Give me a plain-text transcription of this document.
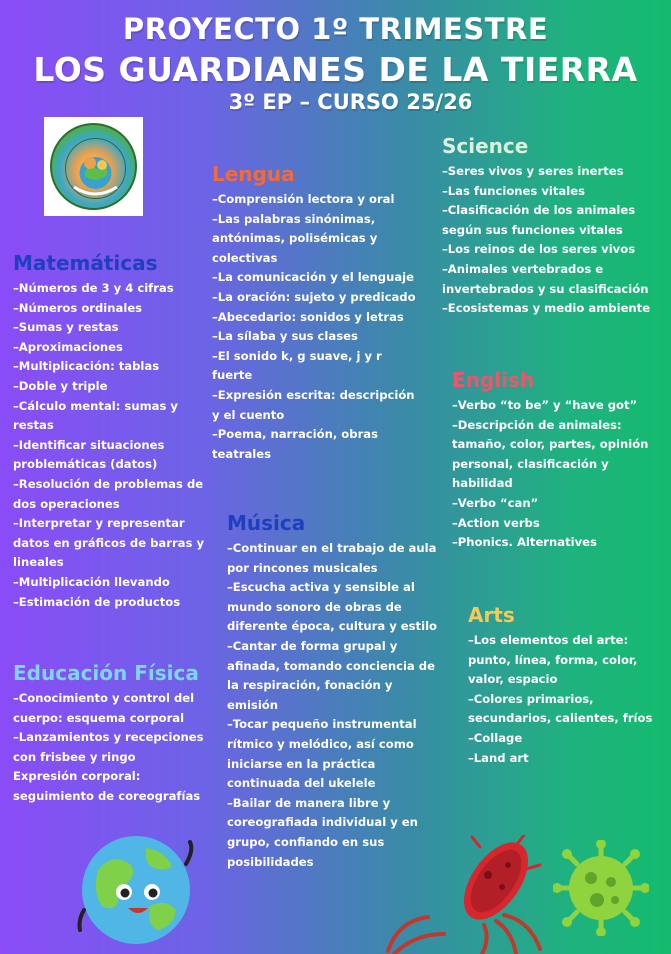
PROYECTO 1º TRIMESTRE
LOS GUARDIANES DE LA TIERRA
3º EP – CURSO 25/26
Matemáticas
–Números de 3 y 4 cifras
–Números ordinales
–Sumas y restas
–Aproximaciones
–Multiplicación: tablas
–Doble y triple
–Cálculo mental: sumas y restas
–Identificar situaciones problemáticas (datos)
–Resolución de problemas de dos operaciones
–Interpretar y representar datos en gráficos de barras y lineales
–Multiplicación llevando
–Estimación de productos
Lengua
–Comprensión lectora y oral
–Las palabras sinónimas, antónimas, polisémicas y colectivas
–La comunicación y el lenguaje
–La oración: sujeto y predicado
–Abecedario: sonidos y letras
–La sílaba y sus clases
–El sonido k, g suave, j y r fuerte
–Expresión escrita: descripción y el cuento
–Poema, narración, obras teatrales
Science
–Seres vivos y seres inertes
–Las funciones vitales
–Clasificación de los animales según sus funciones vitales
–Los reinos de los seres vivos
–Animales vertebrados e invertebrados y su clasificación
–Ecosistemas y medio ambiente
English
–Verbo “to be” y “have got”
–Descripción de animales: tamaño, color, partes, opinión personal, clasificación y habilidad
–Verbo “can”
–Action verbs
–Phonics. Alternatives
Música
–Continuar en el trabajo de aula por rincones musicales
–Escucha activa y sensible al mundo sonoro de obras de diferente época, cultura y estilo
–Cantar de forma grupal y afinada, tomando conciencia de la respiración, fonación y emisión
–Tocar pequeño instrumental rítmico y melódico, así como iniciarse en la práctica continuada del ukelele
–Bailar de manera libre y coreografiada individual y en grupo, confiando en sus posibilidades
Educación Física
–Conocimiento y control del cuerpo: esquema corporal
–Lanzamientos y recepciones con frisbee y ringo
Expresión corporal: seguimiento de coreografías
Arts
–Los elementos del arte: punto, línea, forma, color, valor, espacio
–Colores primarios, secundarios, calientes, fríos
–Collage
–Land art
